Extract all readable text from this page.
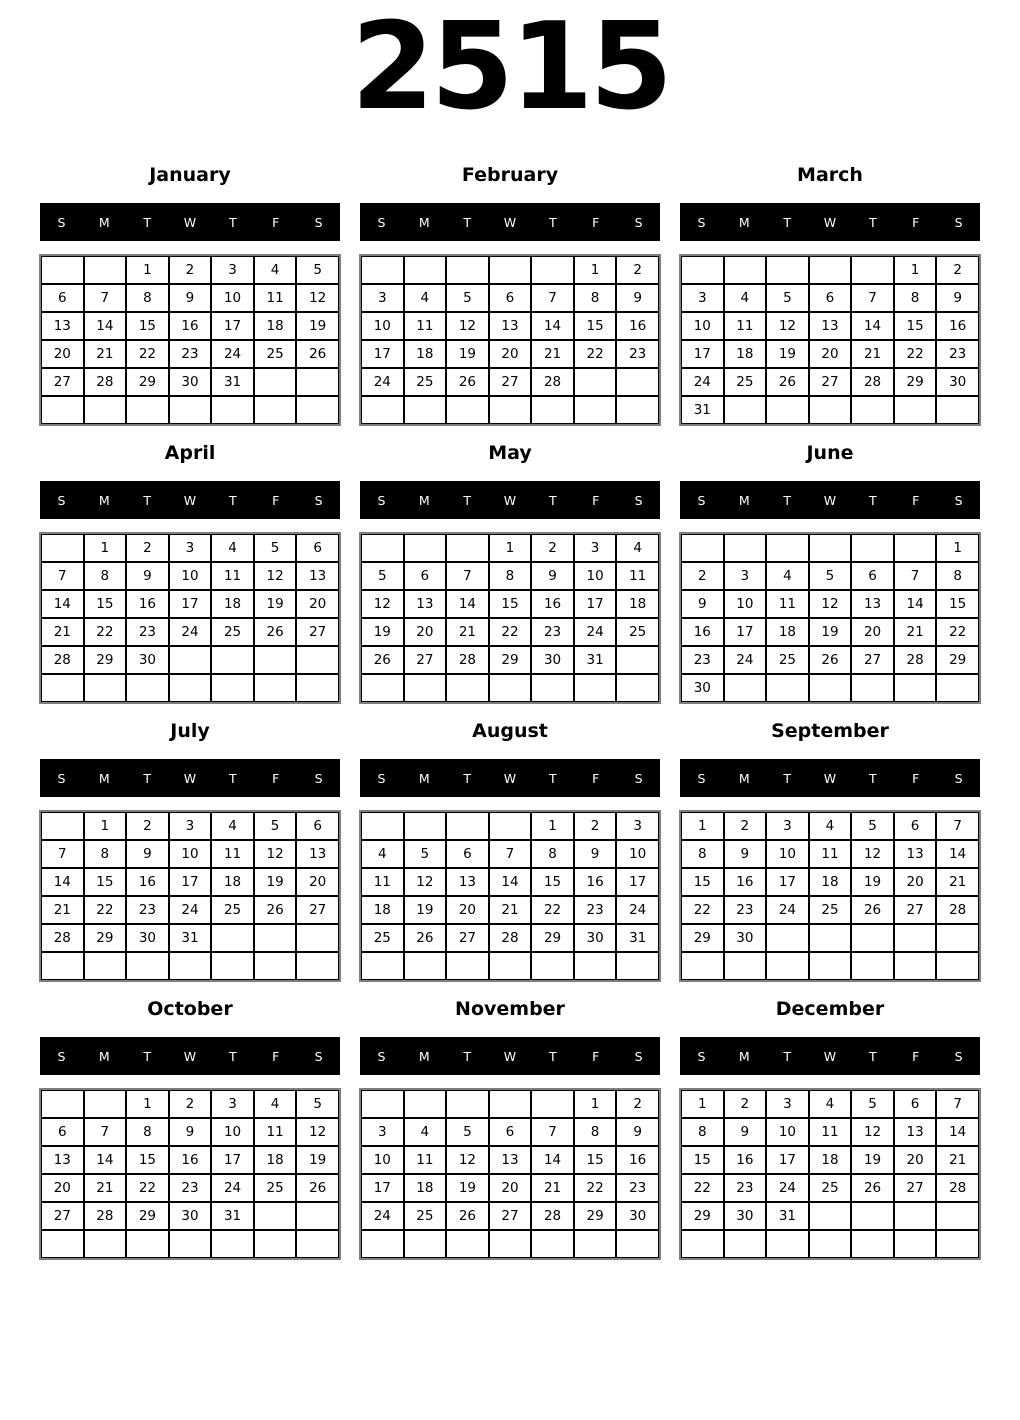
2515
January
S	M	T	W	T	F	S
		1	2	3	4	5
6	7	8	9	10	11	12
13	14	15	16	17	18	19
20	21	22	23	24	25	26
27	28	29	30	31		

February
S	M	T	W	T	F	S
					1	2
3	4	5	6	7	8	9
10	11	12	13	14	15	16
17	18	19	20	21	22	23
24	25	26	27	28		

March
S	M	T	W	T	F	S
					1	2
3	4	5	6	7	8	9
10	11	12	13	14	15	16
17	18	19	20	21	22	23
24	25	26	27	28	29	30
31						
April
S	M	T	W	T	F	S
	1	2	3	4	5	6
7	8	9	10	11	12	13
14	15	16	17	18	19	20
21	22	23	24	25	26	27
28	29	30				

May
S	M	T	W	T	F	S
			1	2	3	4
5	6	7	8	9	10	11
12	13	14	15	16	17	18
19	20	21	22	23	24	25
26	27	28	29	30	31	

June
S	M	T	W	T	F	S
						1
2	3	4	5	6	7	8
9	10	11	12	13	14	15
16	17	18	19	20	21	22
23	24	25	26	27	28	29
30						
July
S	M	T	W	T	F	S
	1	2	3	4	5	6
7	8	9	10	11	12	13
14	15	16	17	18	19	20
21	22	23	24	25	26	27
28	29	30	31			

August
S	M	T	W	T	F	S
				1	2	3
4	5	6	7	8	9	10
11	12	13	14	15	16	17
18	19	20	21	22	23	24
25	26	27	28	29	30	31

September
S	M	T	W	T	F	S
1	2	3	4	5	6	7
8	9	10	11	12	13	14
15	16	17	18	19	20	21
22	23	24	25	26	27	28
29	30					

October
S	M	T	W	T	F	S
		1	2	3	4	5
6	7	8	9	10	11	12
13	14	15	16	17	18	19
20	21	22	23	24	25	26
27	28	29	30	31		

November
S	M	T	W	T	F	S
					1	2
3	4	5	6	7	8	9
10	11	12	13	14	15	16
17	18	19	20	21	22	23
24	25	26	27	28	29	30

December
S	M	T	W	T	F	S
1	2	3	4	5	6	7
8	9	10	11	12	13	14
15	16	17	18	19	20	21
22	23	24	25	26	27	28
29	30	31				
